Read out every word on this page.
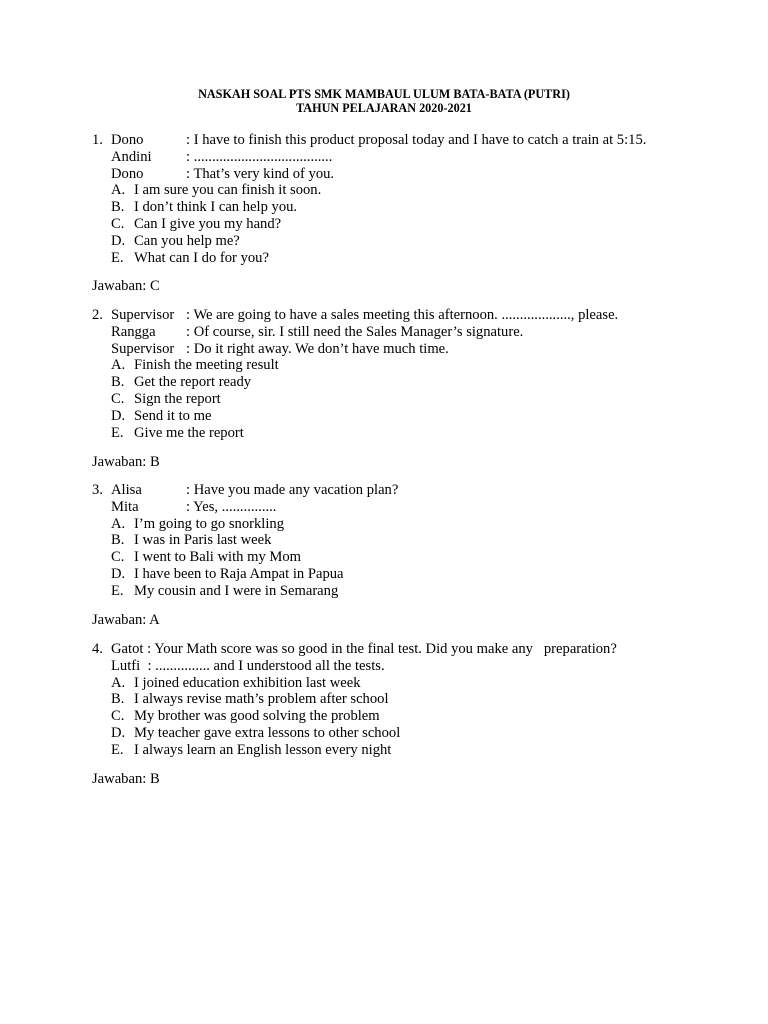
NASKAH SOAL PTS SMK MAMBAUL ULUM BATA-BATA (PUTRI)
TAHUN PELAJARAN 2020-2021
1. Dono	: I have to finish this product proposal today and I have to catch a train at 5:15.
Andini : ......................................
Dono	: That’s very kind of you.
A. I am sure you can finish it soon.
B. I don’t think I can help you.
C. Can I give you my hand?
D. Can you help me?
E. What can I do for you?
Jawaban: C
2. Supervisor : We are going to have a sales meeting this afternoon. ..................., please.
Rangga : Of course, sir. I still need the Sales Manager’s signature.
Supervisor : Do it right away. We don’t have much time.
A. Finish the meeting result
B. Get the report ready
C. Sign the report
D. Send it to me
E. Give me the report
Jawaban: B
3. Alisa	: Have you made any vacation plan?
Mita	: Yes, ...............
A. I’m going to go snorkling
B. I was in Paris last week
C. I went to Bali with my Mom
D. I have been to Raja Ampat in Papua
E. My cousin and I were in Semarang
Jawaban: A
4. Gatot : Your Math score was so good in the final test. Did you make any   preparation?
Lutfi  : ............... and I understood all the tests.
A. I joined education exhibition last week
B. I always revise math’s problem after school
C. My brother was good solving the problem
D. My teacher gave extra lessons to other school
E. I always learn an English lesson every night
Jawaban: B
